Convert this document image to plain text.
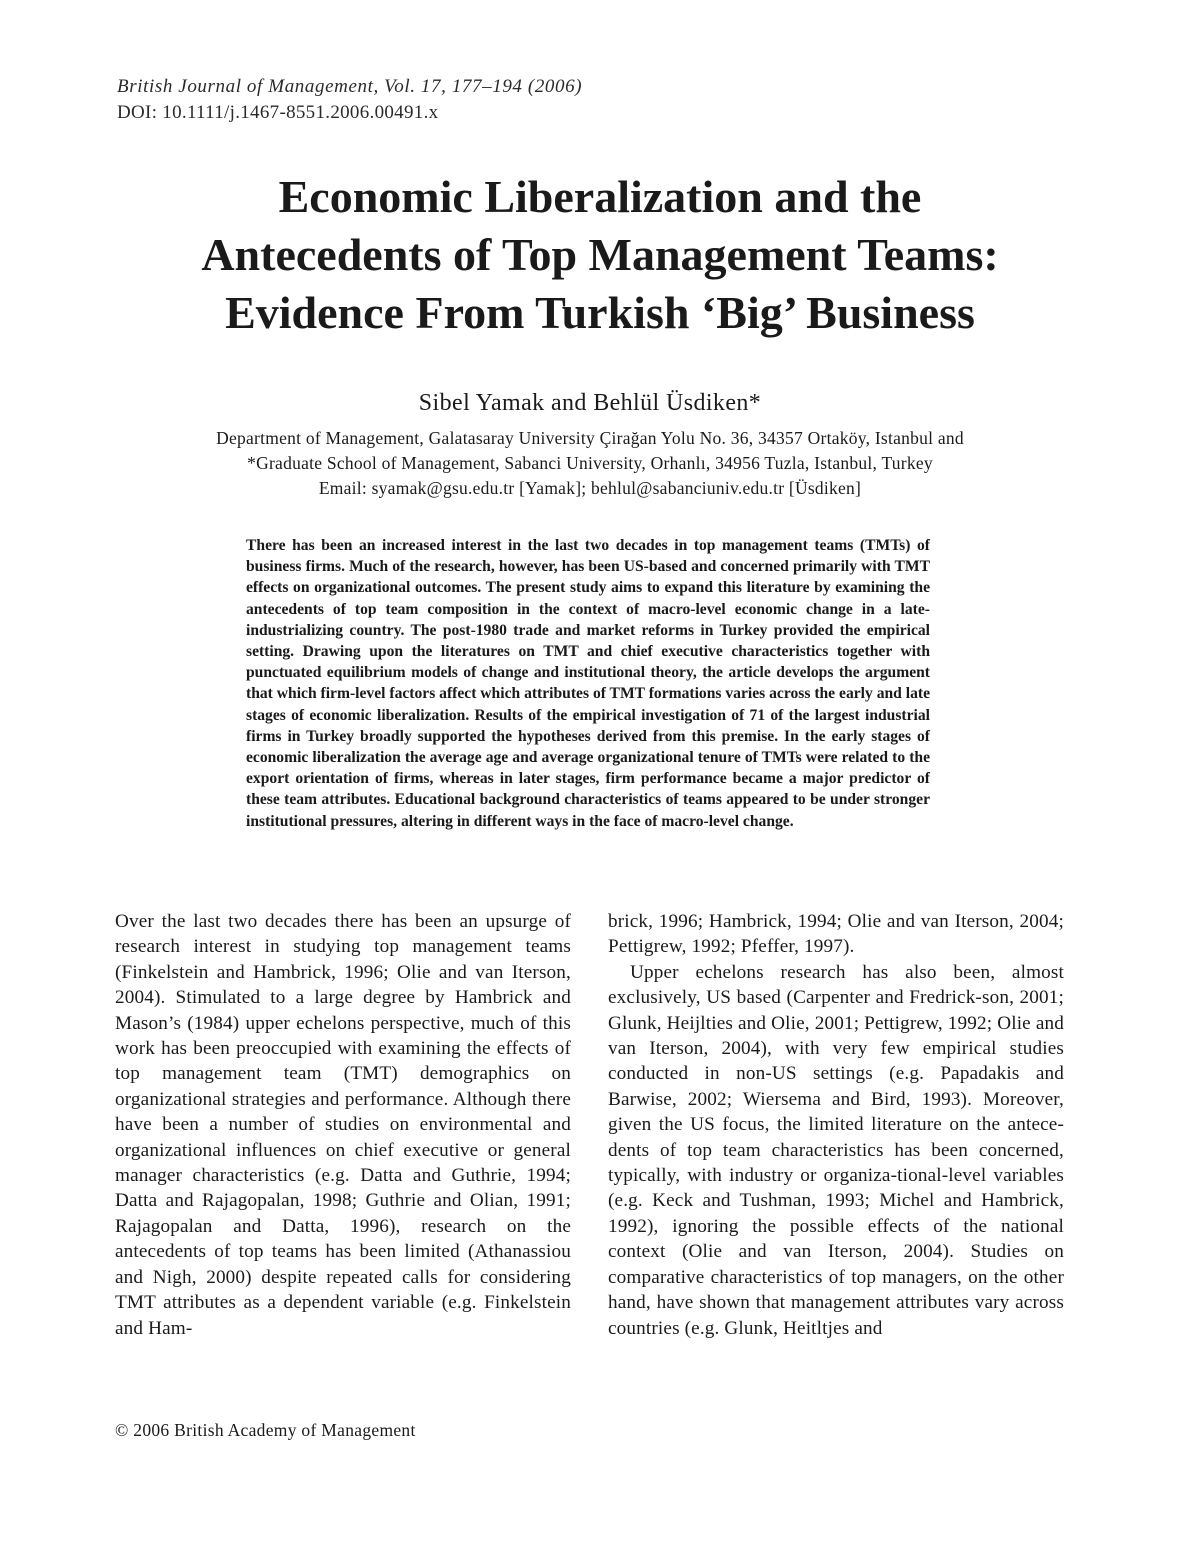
British Journal of Management, Vol. 17, 177–194 (2006)
DOI: 10.1111/j.1467-8551.2006.00491.x
Economic Liberalization and the
Antecedents of Top Management Teams:
Evidence From Turkish ‘Big’ Business
Sibel Yamak and Behlül Üsdiken*
Department of Management, Galatasaray University Çirağan Yolu No. 36, 34357 Ortaköy, Istanbul and
*Graduate School of Management, Sabanci University, Orhanlı, 34956 Tuzla, Istanbul, Turkey
Email: syamak@gsu.edu.tr [Yamak]; behlul@sabanciuniv.edu.tr [Üsdiken]

There has been an increased interest in the last two decades in top management teams (TMTs) of business firms. Much of the research, however, has been US-based and concerned primarily with TMT effects on organizational outcomes. The present study aims to expand this literature by examining the antecedents of top team composition in the context of macro-level economic change in a late-industrializing country. The post-1980 trade and market reforms in Turkey provided the empirical setting. Drawing upon the literatures on TMT and chief executive characteristics together with punctuated equilibrium models of change and institutional theory, the article develops the argument that which firm-level factors affect which attributes of TMT formations varies across the early and late stages of economic liberalization. Results of the empirical investigation of 71 of the largest industrial firms in Turkey broadly supported the hypotheses derived from this premise. In the early stages of economic liberalization the average age and average organizational tenure of TMTs were related to the export orientation of firms, whereas in later stages, firm performance became a major predictor of these team attributes. Educational background characteristics of teams appeared to be under stronger institutional pressures, altering in different ways in the face of macro-level change.

Over the last two decades there has been an upsurge of research interest in studying top management teams (Finkelstein and Hambrick, 1996; Olie and van Iterson, 2004). Stimulated to a large degree by Hambrick and Mason’s (1984) upper echelons perspective, much of this work has been preoccupied with examining the effects of top management team (TMT) demographics on organizational strategies and performance. Although there have been a number of studies on environmental and organizational influences on chief executive or general manager characteristics (e.g. Datta and Guthrie, 1994; Datta and Rajagopalan, 1998; Guthrie and Olian, 1991; Rajagopalan and Datta, 1996), research on the antecedents of top teams has been limited (Athanassiou and Nigh, 2000) despite repeated calls for considering TMT attributes as a dependent variable (e.g. Finkelstein and Ham-

brick, 1996; Hambrick, 1994; Olie and van Iterson, 2004; Pettigrew, 1992; Pfeffer, 1997).

Upper echelons research has also been, almost exclusively, US based (Carpenter and Fredrick-son, 2001; Glunk, Heijlties and Olie, 2001; Pettigrew, 1992; Olie and van Iterson, 2004), with very few empirical studies conducted in non-US settings (e.g. Papadakis and Barwise, 2002; Wiersema and Bird, 1993). Moreover, given the US focus, the limited literature on the antece-dents of top team characteristics has been concerned, typically, with industry or organiza-tional-level variables (e.g. Keck and Tushman, 1993; Michel and Hambrick, 1992), ignoring the possible effects of the national context (Olie and van Iterson, 2004). Studies on comparative characteristics of top managers, on the other hand, have shown that management attributes vary across countries (e.g. Glunk, Heitltjes and

© 2006 British Academy of Management
